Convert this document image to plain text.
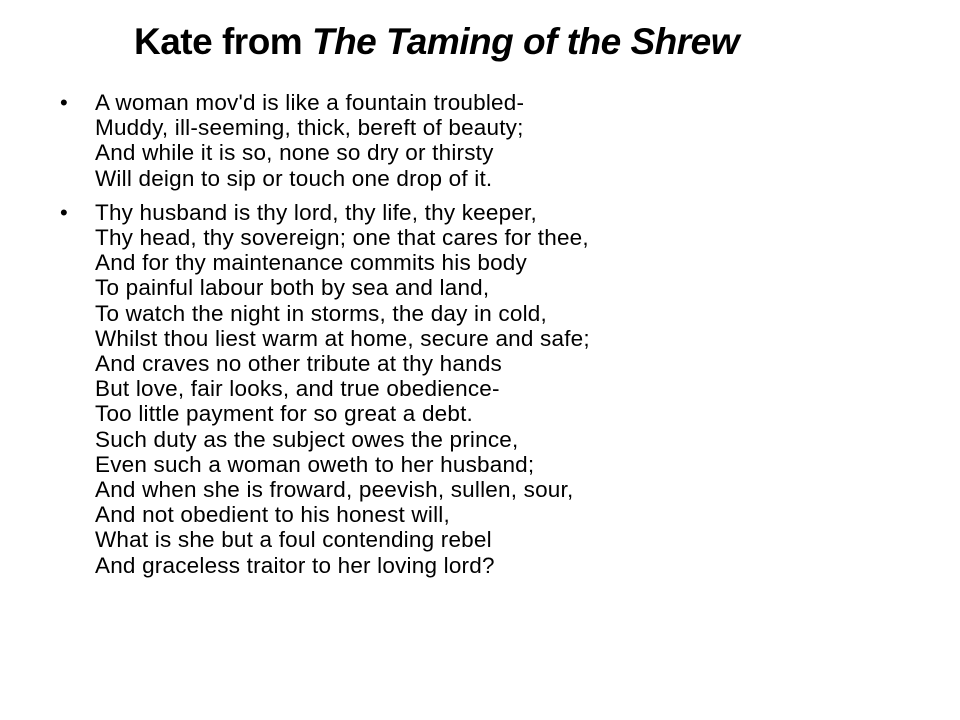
Kate from The Taming of the Shrew
• A woman mov'd is like a fountain troubled-
Muddy, ill-seeming, thick, bereft of beauty;
And while it is so, none so dry or thirsty
Will deign to sip or touch one drop of it.
• Thy husband is thy lord, thy life, thy keeper,
Thy head, thy sovereign; one that cares for thee,
And for thy maintenance commits his body
To painful labour both by sea and land,
To watch the night in storms, the day in cold,
Whilst thou liest warm at home, secure and safe;
And craves no other tribute at thy hands
But love, fair looks, and true obedience-
Too little payment for so great a debt.
Such duty as the subject owes the prince,
Even such a woman oweth to her husband;
And when she is froward, peevish, sullen, sour,
And not obedient to his honest will,
What is she but a foul contending rebel
And graceless traitor to her loving lord?
